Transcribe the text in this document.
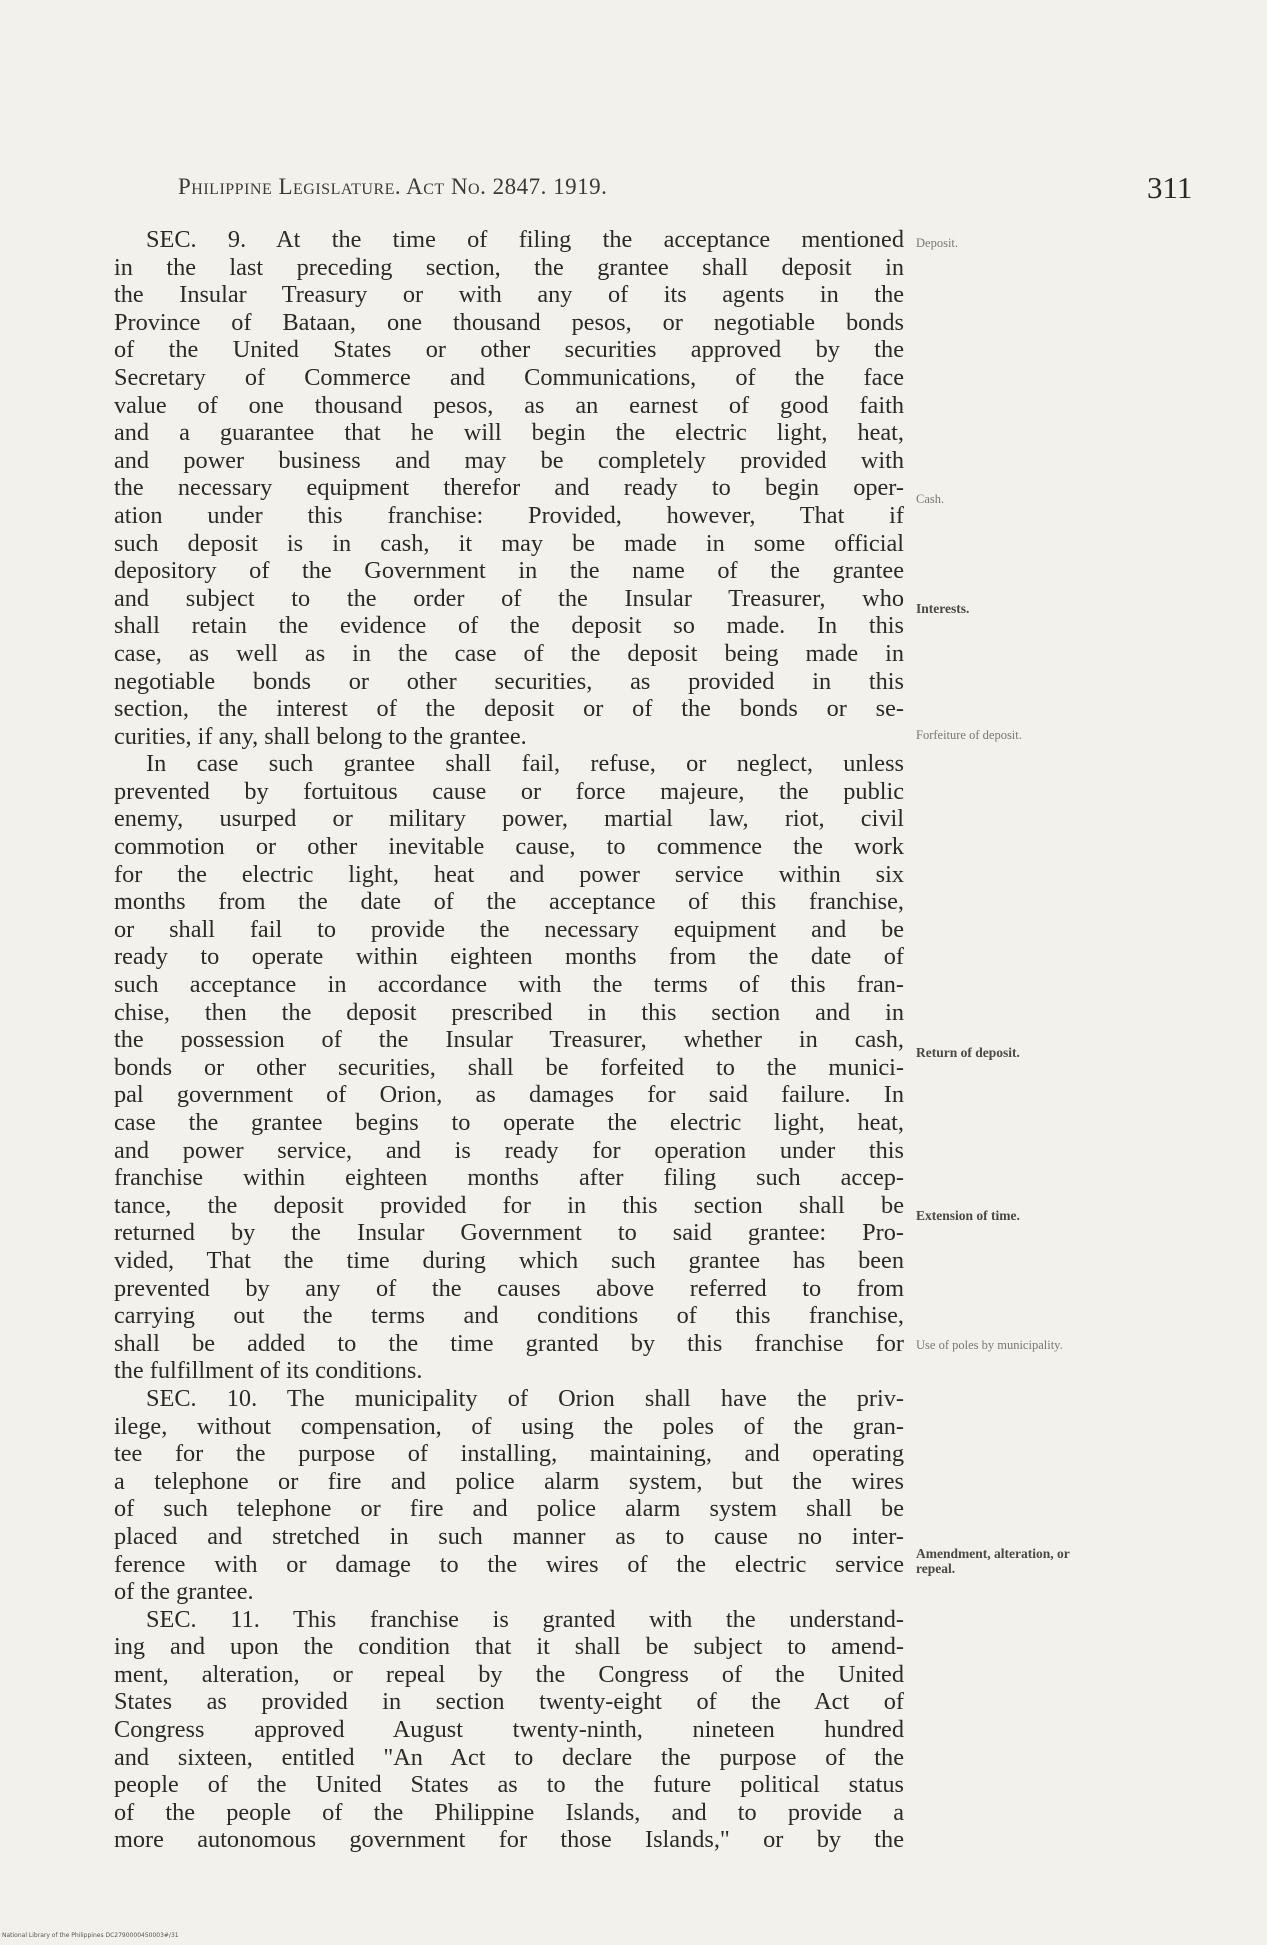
Philippine Legislature. Act No. 2847. 1919.	311
SEC. 9. At the time of filing the acceptance mentioned
in the last preceding section, the grantee shall deposit in
the Insular Treasury or with any of its agents in the
Province of Bataan, one thousand pesos, or negotiable bonds
of the United States or other securities approved by the
Secretary of Commerce and Communications, of the face
value of one thousand pesos, as an earnest of good faith
and a guarantee that he will begin the electric light, heat,
and power business and may be completely provided with
the necessary equipment therefor and ready to begin oper-
ation under this franchise: Provided, however, That if
such deposit is in cash, it may be made in some official
depository of the Government in the name of the grantee
and subject to the order of the Insular Treasurer, who
shall retain the evidence of the deposit so made. In this
case, as well as in the case of the deposit being made in
negotiable bonds or other securities, as provided in this
section, the interest of the deposit or of the bonds or se-
curities, if any, shall belong to the grantee.
In case such grantee shall fail, refuse, or neglect, unless
prevented by fortuitous cause or force majeure, the public
enemy, usurped or military power, martial law, riot, civil
commotion or other inevitable cause, to commence the work
for the electric light, heat and power service within six
months from the date of the acceptance of this franchise,
or shall fail to provide the necessary equipment and be
ready to operate within eighteen months from the date of
such acceptance in accordance with the terms of this fran-
chise, then the deposit prescribed in this section and in
the possession of the Insular Treasurer, whether in cash,
bonds or other securities, shall be forfeited to the munici-
pal government of Orion, as damages for said failure. In
case the grantee begins to operate the electric light, heat,
and power service, and is ready for operation under this
franchise within eighteen months after filing such accep-
tance, the deposit provided for in this section shall be
returned by the Insular Government to said grantee: Pro-
vided, That the time during which such grantee has been
prevented by any of the causes above referred to from
carrying out the terms and conditions of this franchise,
shall be added to the time granted by this franchise for
the fulfillment of its conditions.
SEC. 10. The municipality of Orion shall have the priv-
ilege, without compensation, of using the poles of the gran-
tee for the purpose of installing, maintaining, and operating
a telephone or fire and police alarm system, but the wires
of such telephone or fire and police alarm system shall be
placed and stretched in such manner as to cause no inter-
ference with or damage to the wires of the electric service
of the grantee.
SEC. 11. This franchise is granted with the understand-
ing and upon the condition that it shall be subject to amend-
ment, alteration, or repeal by the Congress of the United
States as provided in section twenty-eight of the Act of
Congress approved August twenty-ninth, nineteen hundred
and sixteen, entitled "An Act to declare the purpose of the
people of the United States as to the future political status
of the people of the Philippine Islands, and to provide a
more autonomous government for those Islands," or by the
Deposit.
Cash.
Interests.
Forfeiture of deposit.
Return of deposit.
Extension of time.
Use of poles by municipality.
Amendment, alteration, or repeal.
National Library of the Philippines DC2790000450003#/31
